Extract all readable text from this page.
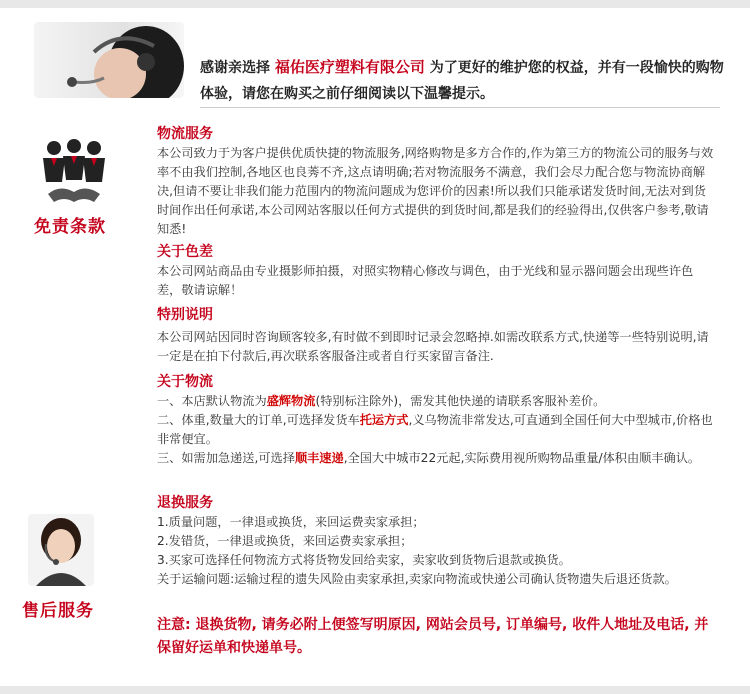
感谢亲选择 福佑医疗塑料有限公司 为了更好的维护您的权益，并有一段愉快的购物体验，请您在购买之前仔细阅读以下温馨提示。
免责条款
售后服务

物流服务

本公司致力于为客户提供优质快捷的物流服务,网络购物是多方合作的,作为第三方的物流公司的服务与效率不由我们控制,各地区也良莠不齐,这点请明确;若对物流服务不满意，我们会尽力配合您与物流协商解决,但请不要让非我们能力范围内的物流问题成为您评价的因素!所以我们只能承诺发货时间,无法对到货时间作出任何承诺,本公司网站客服以任何方式提供的到货时间,都是我们的经验得出,仅供客户参考,敬请知悉!

关于色差

本公司网站商品由专业摄影师拍摄，对照实物精心修改与调色，由于光线和显示器问题会出现些许色差，敬请谅解！

特别说明

本公司网站因同时咨询顾客较多,有时做不到即时记录会忽略掉.如需改联系方式,快递等一些特别说明,请一定是在拍下付款后,再次联系客服备注或者自行买家留言备注.

关于物流

一、本店默认物流为盛辉物流(特别标注除外)，需发其他快递的请联系客服补差价。

二、体重,数量大的订单,可选择发货车托运方式,义乌物流非常发达,可直通到全国任何大中型城市,价格也非常便宜。

三、如需加急递送,可选择顺丰速递,全国大中城市22元起,实际费用视所购物品重量/体积由顺丰确认。

退换服务

1.质量问题，一律退或换货，来回运费卖家承担；

2.发错货，一律退或换货，来回运费卖家承担；

3.买家可选择任何物流方式将货物发回给卖家，卖家收到货物后退款或换货。

关于运输问题:运输过程的遗失风险由卖家承担,卖家向物流或快递公司确认货物遗失后退还货款。

注意: 退换货物, 请务必附上便签写明原因, 网站会员号, 订单编号, 收件人地址及电话, 并保留好运单和快递单号。
